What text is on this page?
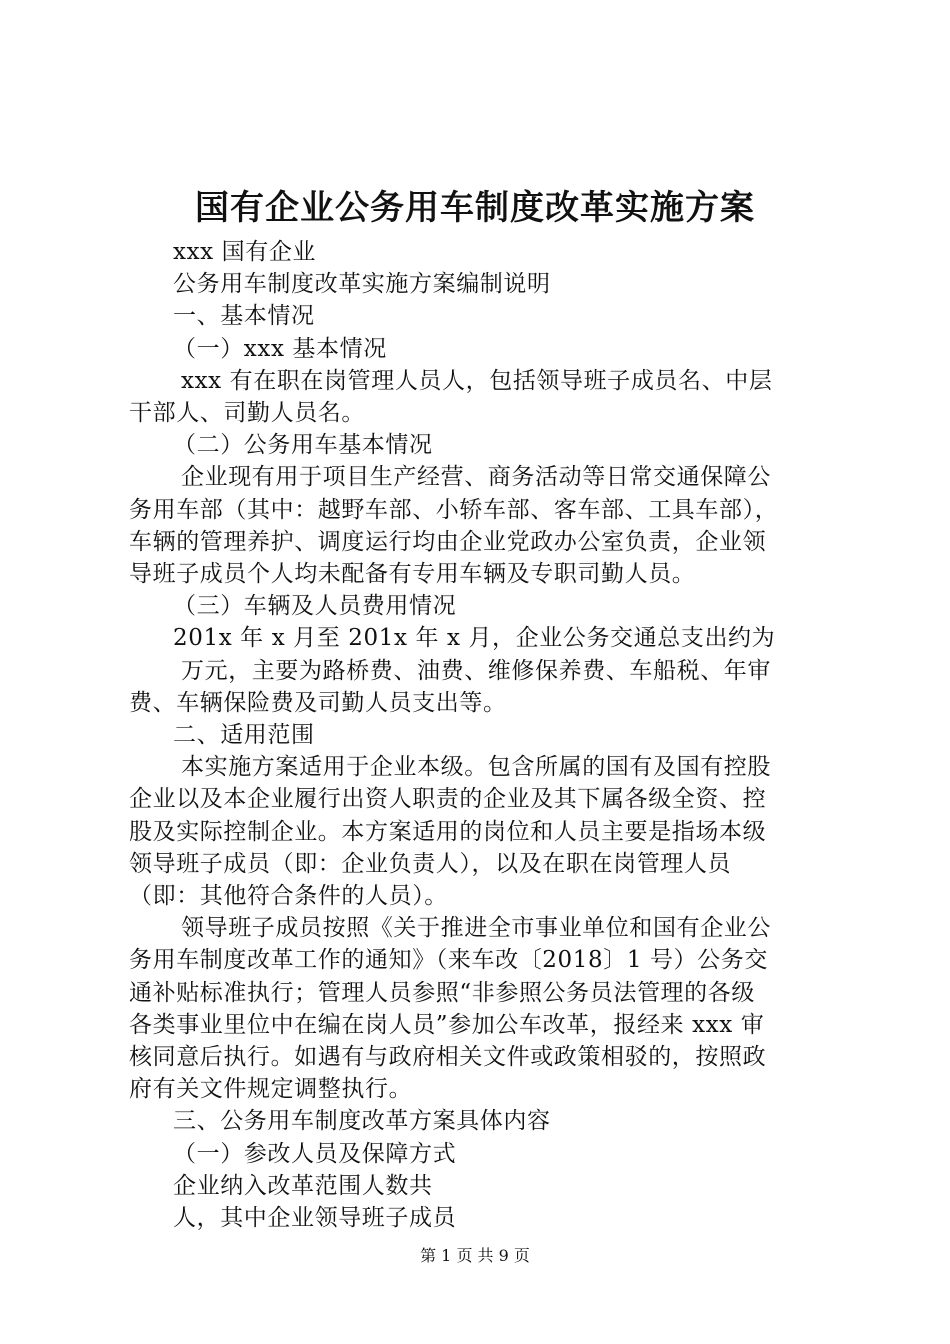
国有企业公务用车制度改革实施方案

xxx 国有企业

公务用车制度改革实施方案编制说明

一、基本情况

（一）xxx 基本情况

xxx 有在职在岗管理人员人，包括领导班子成员名、中层

干部人、司勤人员名。

（二）公务用车基本情况

企业现有用于项目生产经营、商务活动等日常交通保障公

务用车部（其中：越野车部、小轿车部、客车部、工具车部），

车辆的管理养护、调度运行均由企业党政办公室负责，企业领

导班子成员个人均未配备有专用车辆及专职司勤人员。

（三）车辆及人员费用情况

201x 年 x 月至 201x 年 x 月，企业公务交通总支出约为

万元，主要为路桥费、油费、维修保养费、车船税、年审

费、车辆保险费及司勤人员支出等。

二、适用范围

本实施方案适用于企业本级。包含所属的国有及国有控股

企业以及本企业履行出资人职责的企业及其下属各级全资、控

股及实际控制企业。本方案适用的岗位和人员主要是指场本级

领导班子成员（即：企业负责人），以及在职在岗管理人员

（即：其他符合条件的人员）。

领导班子成员按照《关于推进全市事业单位和国有企业公

务用车制度改革工作的通知》（来车改〔2018〕1 号）公务交

通补贴标准执行；管理人员参照“非参照公务员法管理的各级

各类事业里位中在编在岗人员”参加公车改革，报经来 xxx 审

核同意后执行。如遇有与政府相关文件或政策相驳的，按照政

府有关文件规定调整执行。

三、公务用车制度改革方案具体内容

（一）参改人员及保障方式

企业纳入改革范围人数共

人，其中企业领导班子成员

第 1 页 共 9 页
